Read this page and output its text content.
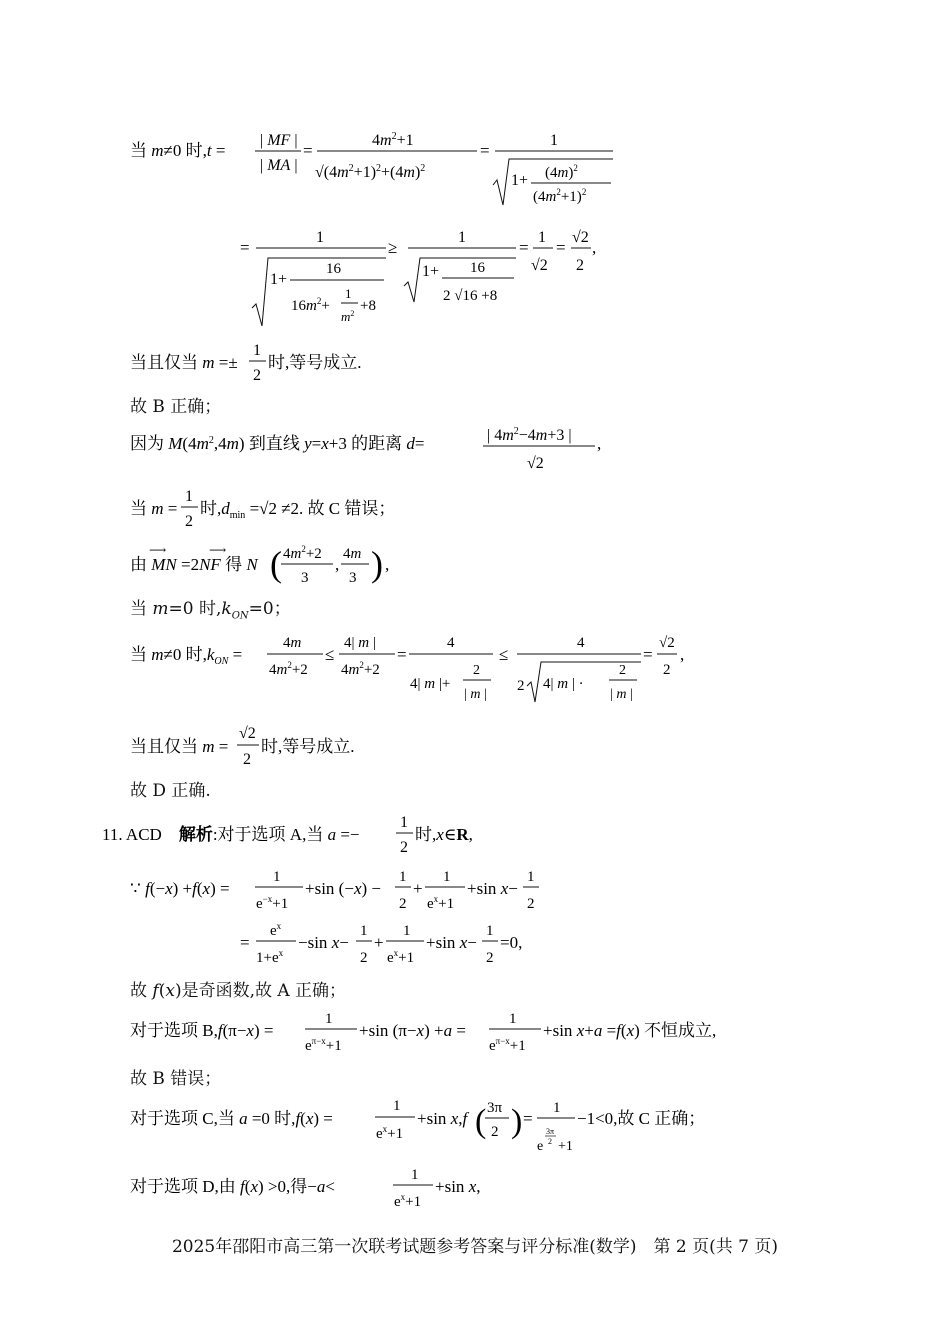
当 m≠0 时,t =
| MF |
| MA |
=
$4m^2+1$
$√(4m^2+1)^2+(4m)^2$
=
1
$1+ (4m)^2$
$(4m^2+1)^2$
=
1
1+
16
$16m^2+$
1
$m^2 +8$
≥
1
1+ 16
2 √16 +8
=
1
√2
=
√2
2
,
当且仅当 m =±
1
2
时,等号成立.
故 B 正确；
因为 $M(4m^2,4m)$ 到直线 y=x+3 的距离 d=	| $4m^2-4m+3$ |
√2
,
当 m =
1
2
时$,d_{min} =√2 \ne 2$. 故 C 错误；
由 MN =2NF 得 N
⟶	⟶ ( $4m^2+2$
3
,
4m
3 ) ,
当 m=0 时$,k_{ON}=0$；
当 m≠0 时$,k_{ON}$ =
4m
$4m^2+2$
≤
4| m |
$4m^2+2$
=
4
4| m |+
2
| m |
≤
4
2 4| m | ·
2
| m |
=
√2
2
,
当且仅当 m =
√2
2
时,等号成立.
故 D 正确.
11. ACD　解析:对于选项 A,当 a =−
1
2
时,x∈R,
∵ f(−x) +f(x) =
1
$e^{-x}+1$
+sin (−x) −
1
2
+
1
$e^x+1$
+sin x−
1
2
=
$e^x$
$1+e^x$
−sin x−
1
2
+
1
$e^x+1$
+sin x−
1
2
=0,
故 f(x)是奇函数,故 A 正确；
对于选项 B,f(π−x) =
1
$e^{\pi-x}+1$
+sin (π−x) +a =
1
$e^{\pi-x}+1$
+sin x+a =f(x) 不恒成立,
故 B 错误；
对于选项 C,当 a =0 时,f(x) =
1
$e^x+1$
+sin x,f ( 3π
2 ) =
1
e
3π
2 +1
−1<0,故 C 正确；
对于选项 D,由 f(x) >0,得−a<
1
$e^x+1$
+sin x,
2025年邵阳市高三第一次联考试题参考答案与评分标准(数学)　第 2 页(共 7 页)
